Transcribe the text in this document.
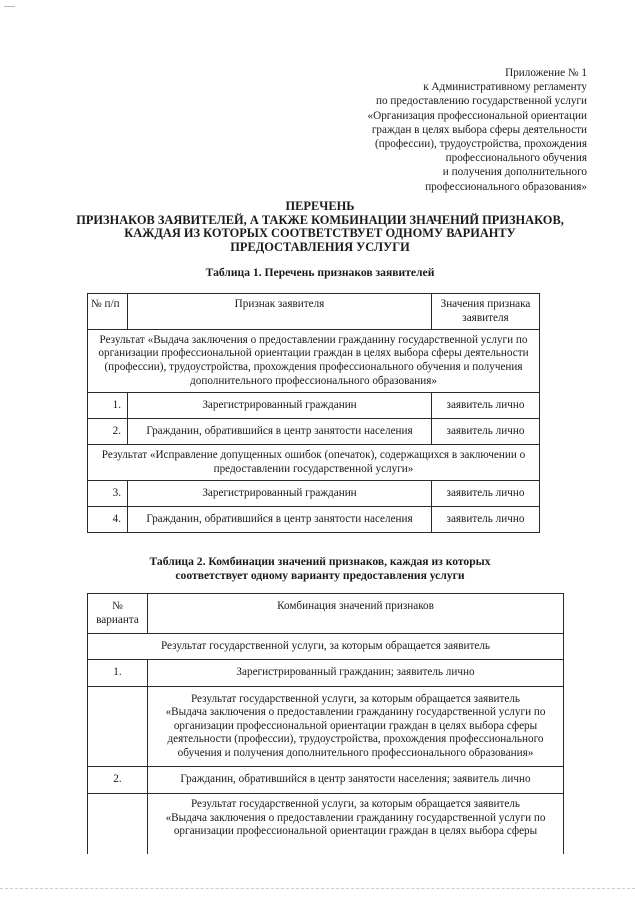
—
Приложение № 1
к Административному регламенту
по предоставлению государственной услуги
«Организация профессиональной ориентации
граждан в целях выбора сферы деятельности
(профессии), трудоустройства, прохождения
профессионального обучения
и получения дополнительного
профессионального образования»
ПЕРЕЧЕНЬ
ПРИЗНАКОВ ЗАЯВИТЕЛЕЙ, А ТАКЖЕ КОМБИНАЦИИ ЗНАЧЕНИЙ ПРИЗНАКОВ,
КАЖДАЯ ИЗ КОТОРЫХ СООТВЕТСТВУЕТ ОДНОМУ ВАРИАНТУ
ПРЕДОСТАВЛЕНИЯ УСЛУГИ
Таблица 1. Перечень признаков заявителей
№ п/п	Признак заявителя	Значения признака
заявителя

Результат «Выдача заключения о предоставлении гражданину государственной услуги по
организации профессиональной ориентации граждан в целях выбора сферы деятельности
(профессии), трудоустройства, прохождения профессионального обучения и получения
дополнительного профессионального образования»		

1.	Зарегистрированный гражданин	заявитель лично
2.	Гражданин, обратившийся в центр занятости населения	заявитель лично

Результат «Исправление допущенных ошибок (опечаток), содержащихся в заключении о
предоставлении государственной услуги»		

3.	Зарегистрированный гражданин	заявитель лично
4.	Гражданин, обратившийся в центр занятости населения	заявитель лично
Таблица 2. Комбинации значений признаков, каждая из которых
соответствует одному варианту предоставления услуги
№
варианта	Комбинация значений признаков
Результат государственной услуги, за которым обращается заявитель	
1.	Зарегистрированный гражданин; заявитель лично

	Результат государственной услуги, за которым обращается заявитель
«Выдача заключения о предоставлении гражданину государственной услуги по
организации профессиональной ориентации граждан в целях выбора сферы
деятельности (профессии), трудоустройства, прохождения профессионального
обучения и получения дополнительного профессионального образования»

2.	Гражданин, обратившийся в центр занятости населения; заявитель лично

	Результат государственной услуги, за которым обращается заявитель
«Выдача заключения о предоставлении гражданину государственной услуги по
организации профессиональной ориентации граждан в целях выбора сферы
